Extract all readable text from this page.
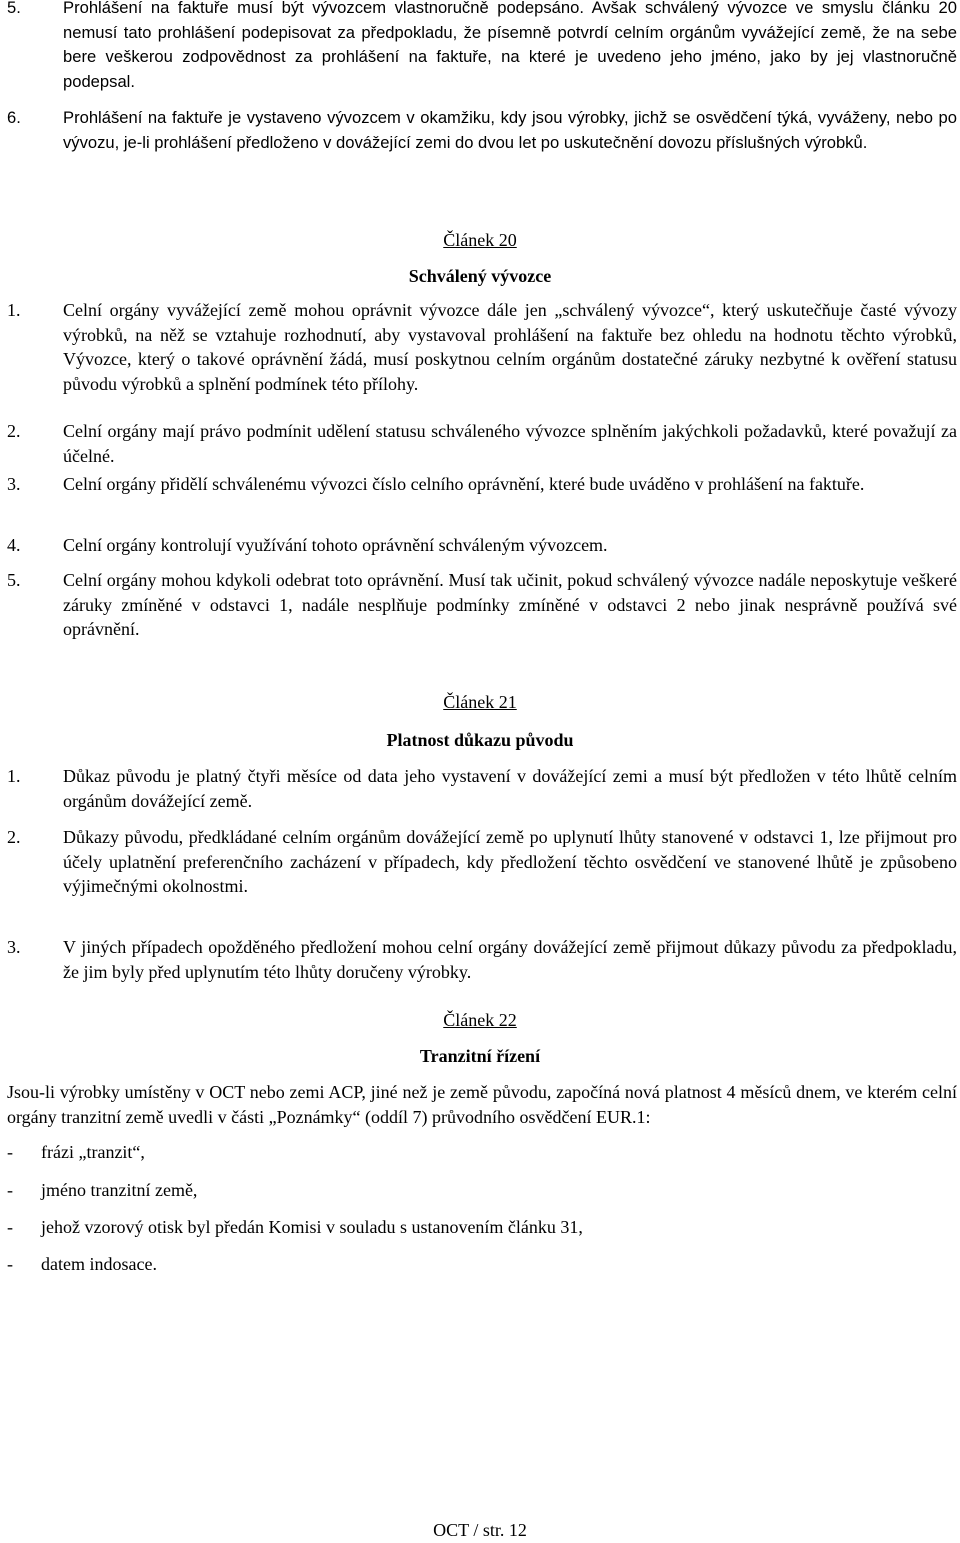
5.	Prohlášení na faktuře musí být vývozcem vlastnoručně podepsáno. Avšak schválený vývozce ve smyslu článku 20 nemusí tato prohlášení podepisovat za předpokladu, že písemně potvrdí celním orgánům vyvážející země, že na sebe bere veškerou zodpovědnost za prohlášení na faktuře, na které je uvedeno jeho jméno, jako by jej vlastnoručně podepsal.

6.	Prohlášení na faktuře je vystaveno vývozcem v okamžiku, kdy jsou výrobky, jichž se osvědčení týká, vyváženy, nebo po vývozu, je-li prohlášení předloženo v dovážející zemi do dvou let po uskutečnění dovozu příslušných výrobků.

Článek 20

Schválený vývozce

1. Celní orgány vyvážející země mohou oprávnit vývozce dále jen „schválený vývozce“, který uskutečňuje časté vývozy výrobků, na něž se vztahuje rozhodnutí, aby vystavoval prohlášení na faktuře bez ohledu na hodnotu těchto výrobků, Vývozce, který o takové oprávnění žádá, musí poskytnou celním orgánům dostatečné záruky nezbytné k ověření statusu původu výrobků a splnění podmínek této přílohy.

2. Celní orgány mají právo podmínit udělení statusu schváleného vývozce splněním jakýchkoli požadavků, které považují za účelné.

3. Celní orgány přidělí schválenému vývozci číslo celního oprávnění, které bude uváděno v prohlášení na faktuře.

4. Celní orgány kontrolují využívání tohoto oprávnění schváleným vývozcem.

5. Celní orgány mohou kdykoli odebrat toto oprávnění. Musí tak učinit, pokud schválený vývozce nadále neposkytuje veškeré záruky zmíněné v odstavci 1, nadále nesplňuje podmínky zmíněné v odstavci 2 nebo jinak nesprávně používá své oprávnění.

Článek 21

Platnost důkazu původu

1. Důkaz původu je platný čtyři měsíce od data jeho vystavení v dovážející zemi a musí být předložen v této lhůtě celním orgánům dovážející země.

2. Důkazy původu, předkládané celním orgánům dovážející země po uplynutí lhůty stanovené v odstavci 1, lze přijmout pro účely uplatnění preferenčního zacházení v případech, kdy předložení těchto osvědčení ve stanovené lhůtě je způsobeno výjimečnými okolnostmi.

3. V jiných případech opožděného předložení mohou celní orgány dovážející země přijmout důkazy původu za předpokladu, že jim byly před uplynutím této lhůty doručeny výrobky.

Článek 22

Tranzitní řízení

Jsou-li výrobky umístěny v OCT nebo zemi ACP, jiné než je země původu, započíná nová platnost 4 měsíců dnem, ve kterém celní orgány tranzitní země uvedli v části „Poznámky“ (oddíl 7) průvodního osvědčení EUR.1:

- frázi „tranzit“,

- jméno tranzitní země,

- jehož vzorový otisk byl předán Komisi v souladu s ustanovením článku 31,

- datem indosace.

OCT / str. 12
